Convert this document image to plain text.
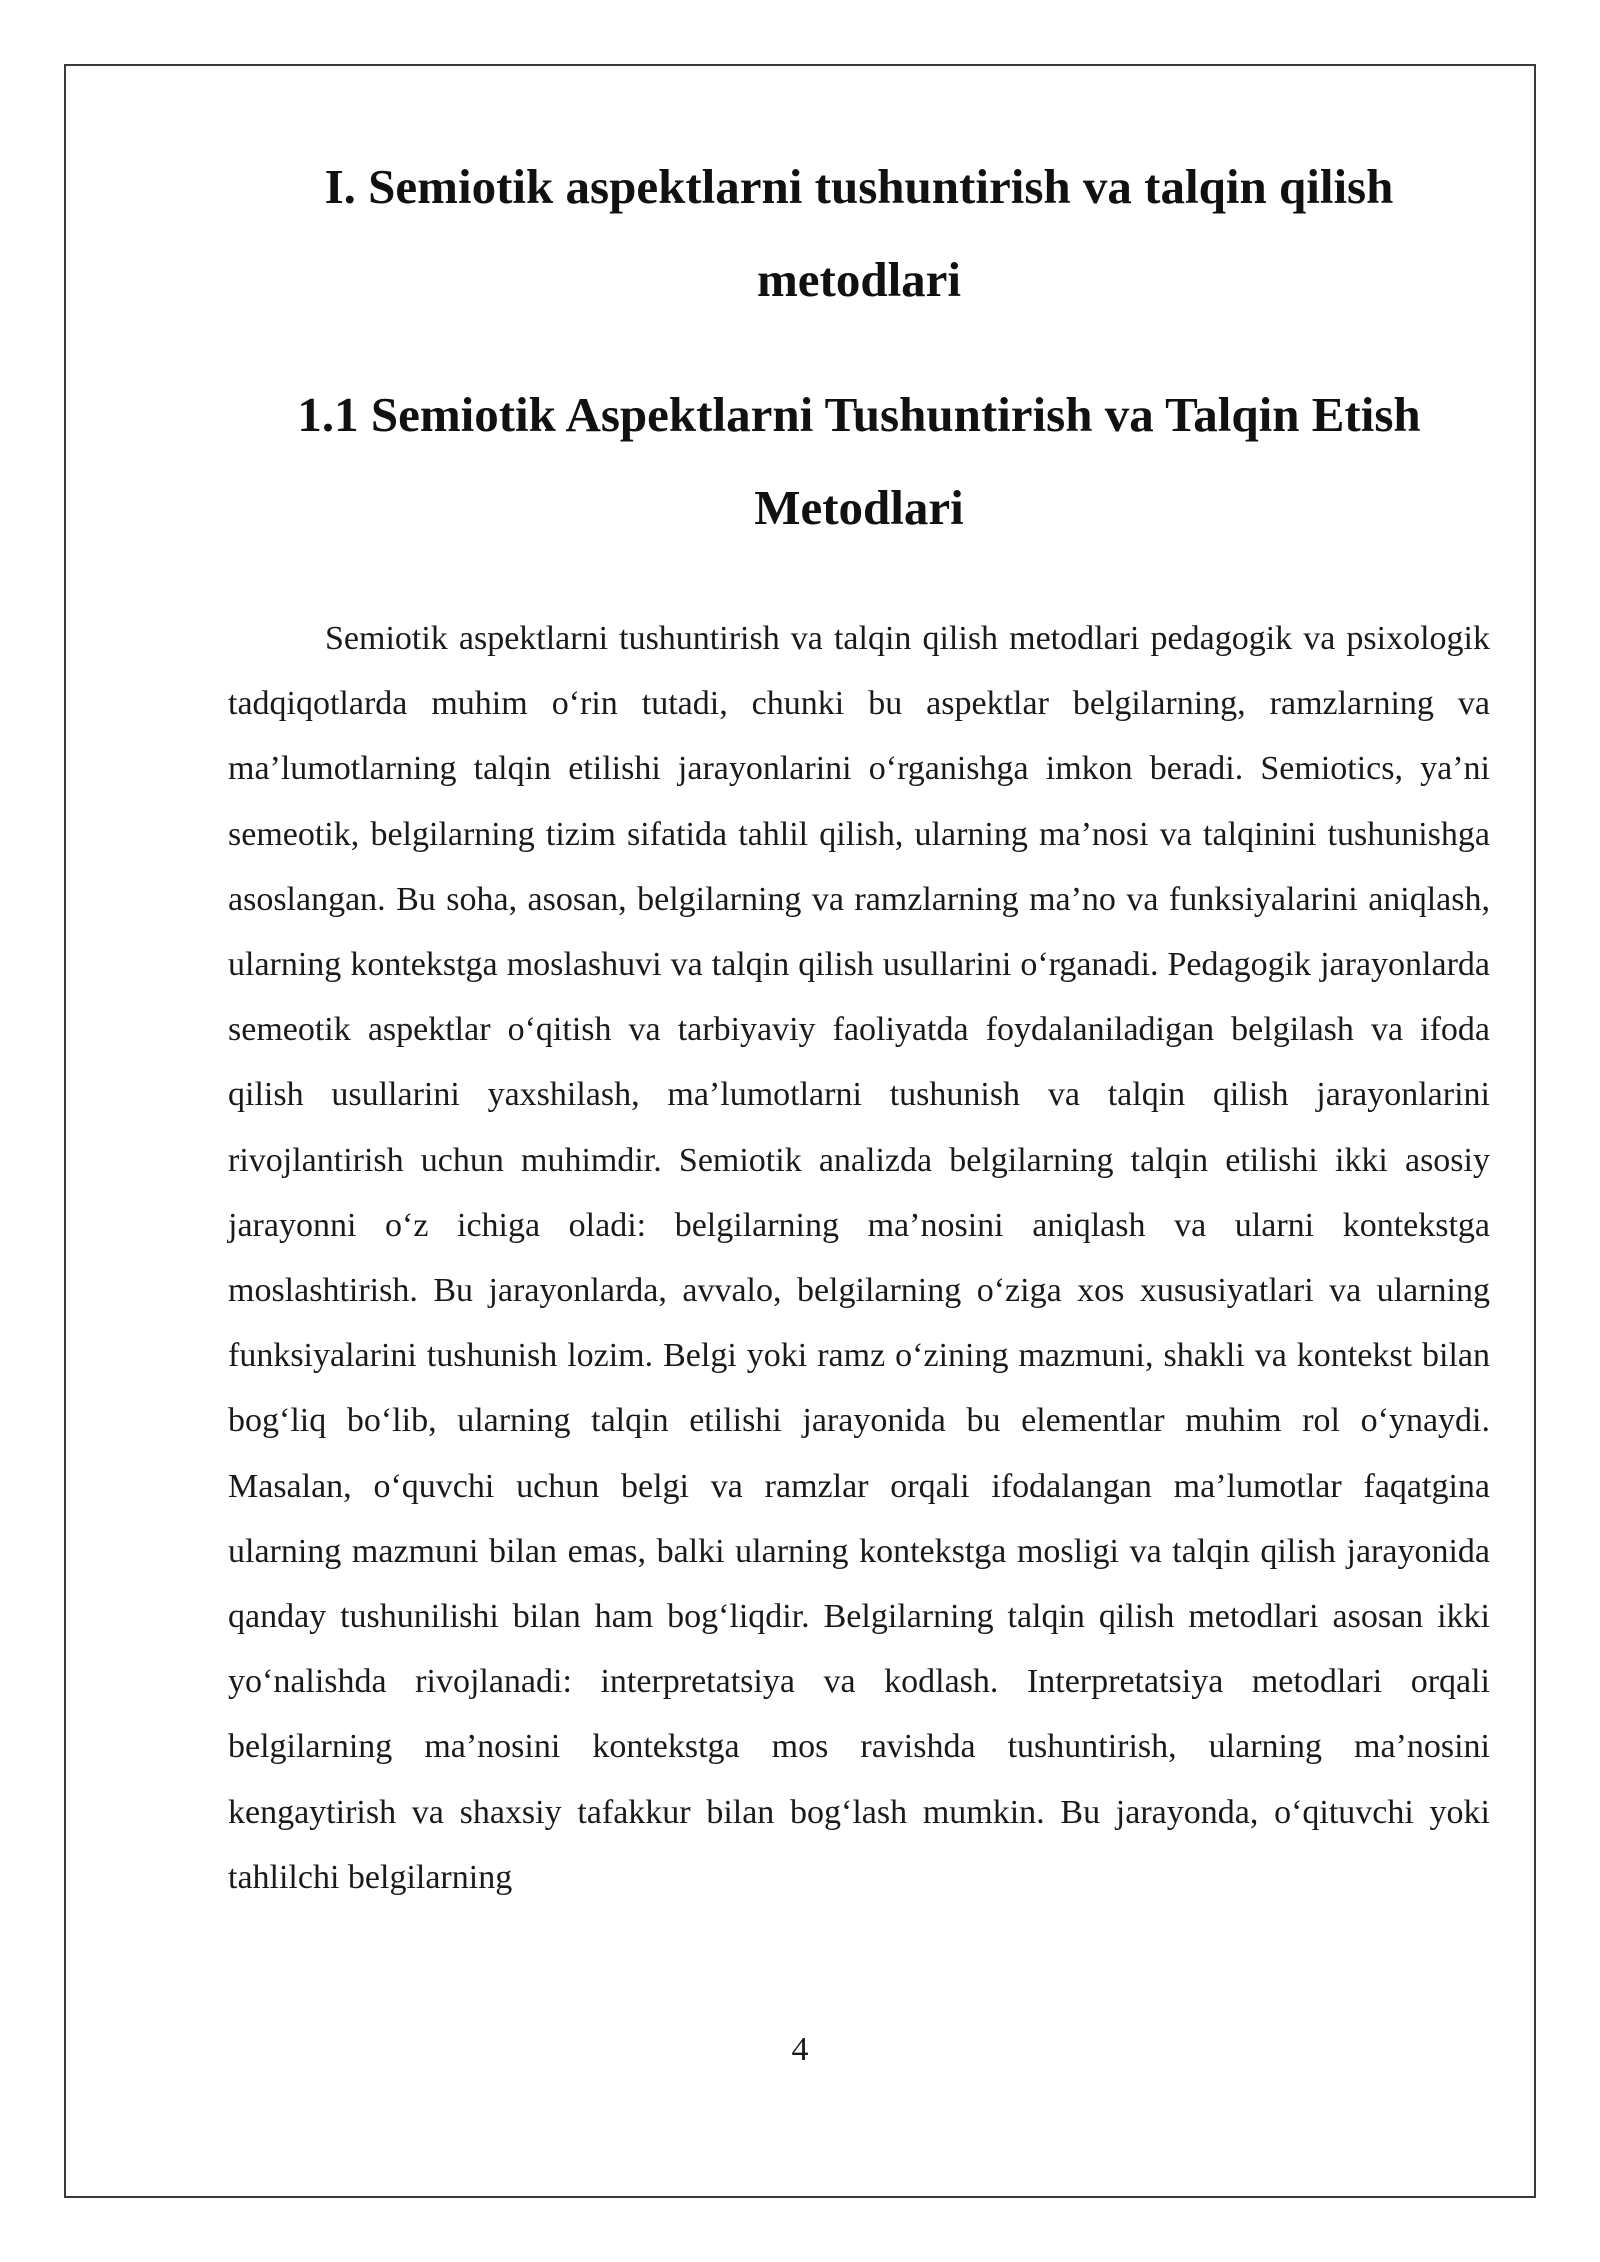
I. Semiotik aspektlarni tushuntirish va talqin qilish metodlari
1.1 Semiotik Aspektlarni Tushuntirish va Talqin Etish Metodlari

Semiotik aspektlarni tushuntirish va talqin qilish metodlari pedagogik va psixologik tadqiqotlarda muhim o‘rin tutadi, chunki bu aspektlar belgilarning, ramzlarning va ma’lumotlarning talqin etilishi jarayonlarini o‘rganishga imkon beradi. Semiotics, ya’ni semeotik, belgilarning tizim sifatida tahlil qilish, ularning ma’nosi va talqinini tushunishga asoslangan. Bu soha, asosan, belgilarning va ramzlarning ma’no va funksiyalarini aniqlash, ularning kontekstga moslashuvi va talqin qilish usullarini o‘rganadi. Pedagogik jarayonlarda semeotik aspektlar o‘qitish va tarbiyaviy faoliyatda foydalaniladigan belgilash va ifoda qilish usullarini yaxshilash, ma’lumotlarni tushunish va talqin qilish jarayonlarini rivojlantirish uchun muhimdir. Semiotik analizda belgilarning talqin etilishi ikki asosiy jarayonni o‘z ichiga oladi: belgilarning ma’nosini aniqlash va ularni kontekstga moslashtirish. Bu jarayonlarda, avvalo, belgilarning o‘ziga xos xususiyatlari va ularning funksiyalarini tushunish lozim. Belgi yoki ramz o‘zining mazmuni, shakli va kontekst bilan bog‘liq bo‘lib, ularning talqin etilishi jarayonida bu elementlar muhim rol o‘ynaydi. Masalan, o‘quvchi uchun belgi va ramzlar orqali ifodalangan ma’lumotlar faqatgina ularning mazmuni bilan emas, balki ularning kontekstga mosligi va talqin qilish jarayonida qanday tushunilishi bilan ham bog‘liqdir. Belgilarning talqin qilish metodlari asosan ikki yo‘nalishda rivojlanadi: interpretatsiya va kodlash. Interpretatsiya metodlari orqali belgilarning ma’nosini kontekstga mos ravishda tushuntirish, ularning ma’nosini kengaytirish va shaxsiy tafakkur bilan bog‘lash mumkin. Bu jarayonda, o‘qituvchi yoki tahlilchi belgilarning

4
